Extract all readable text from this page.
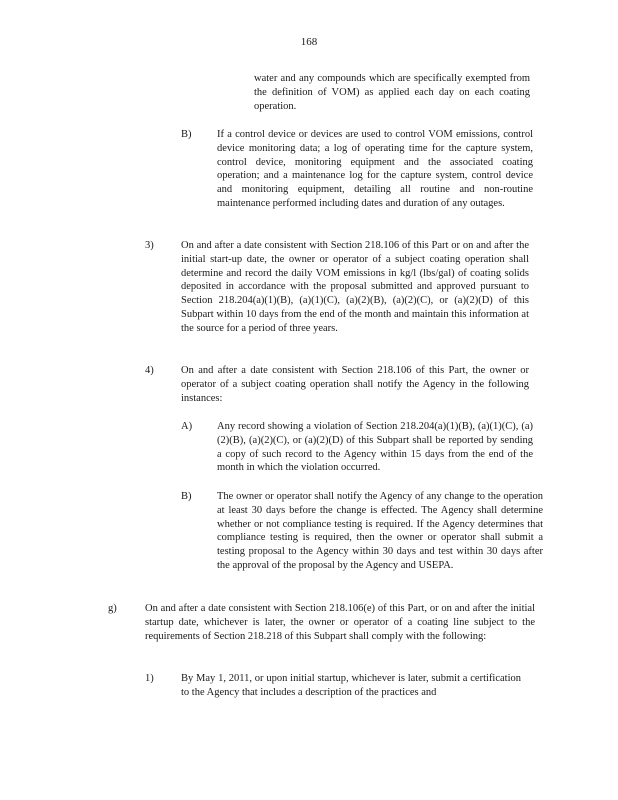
168

water and any compounds which are specifically exempted from the definition of VOM) as applied each day on each coating operation.

B) If a control device or devices are used to control VOM emissions, control device monitoring data; a log of operating time for the capture system, control device, monitoring equipment and the associated coating operation; and a maintenance log for the capture system, control device and monitoring equipment, detailing all routine and non-routine maintenance performed including dates and duration of any outages.

3)	On and after a date consistent with Section 218.106 of this Part or on and after the initial start-up date, the owner or operator of a subject coating operation shall determine and record the daily VOM emissions in kg/l (lbs/gal) of coating solids deposited in accordance with the proposal submitted and approved pursuant to Section 218.204(a)(1)(B), (a)(1)(C), (a)(2)(B), (a)(2)(C), or (a)(2)(D) of this Subpart within 10 days from the end of the month and maintain this information at the source for a period of three years.

4)	On and after a date consistent with Section 218.106 of this Part, the owner or operator of a subject coating operation shall notify the Agency in the following instances:

A) Any record showing a violation of Section 218.204(a)(1)(B), (a)(1)(C), (a)(2)(B), (a)(2)(C), or (a)(2)(D) of this Subpart shall be reported by sending a copy of such record to the Agency within 15 days from the end of the month in which the violation occurred.

B) The owner or operator shall notify the Agency of any change to the operation at least 30 days before the change is effected. The Agency shall determine whether or not compliance testing is required. If the Agency determines that compliance testing is required, then the owner or operator shall submit a testing proposal to the Agency within 30 days and test within 30 days after the approval of the proposal by the Agency and USEPA.

g)	On and after a date consistent with Section 218.106(e) of this Part, or on and after the initial startup date, whichever is later, the owner or operator of a coating line subject to the requirements of Section 218.218 of this Subpart shall comply with the following:

1)	By May 1, 2011, or upon initial startup, whichever is later, submit a certification to the Agency that includes a description of the practices and
